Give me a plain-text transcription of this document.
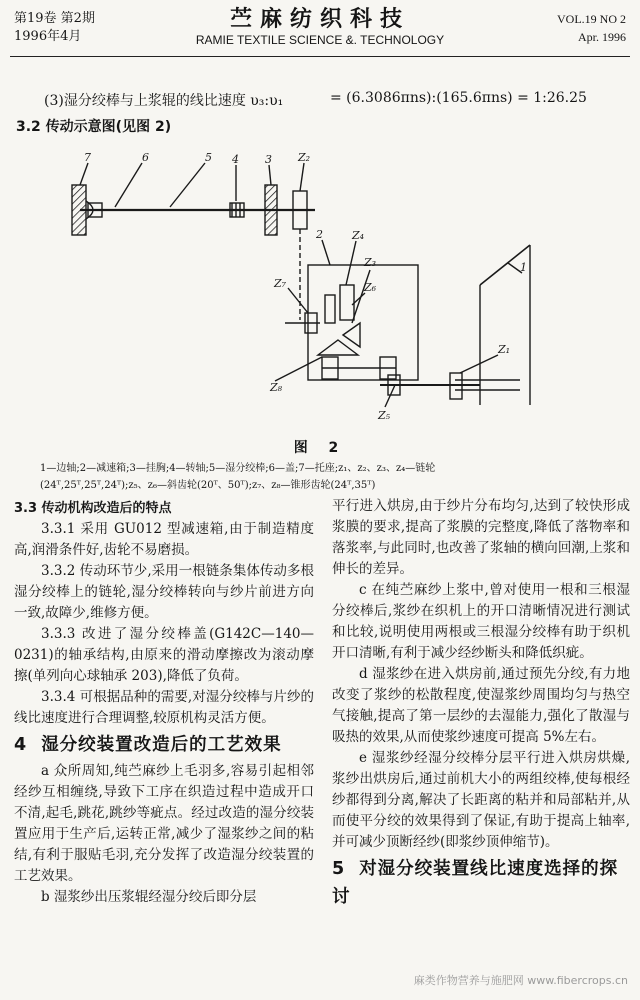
第19卷 第2期
1996年4月
苎麻纺织科技
RAMIE TEXTILE SCIENCE &. TECHNOLOGY
VOL.19 NO 2
Apr. 1996
(3)湿分绞棒与上浆辊的线比速度 υ₃:υ₁	= (6.3086πns):(165.6πns) = 1:26.25
3.2 传动示意图(见图 2)
7	6	5 4 3 Z₂
2	Z₄
Z₃
Z₆
1
Z₇
Z₁
Z₈
Z₅
图 2
1—边轴;2—减速箱;3—挂胸;4—转轴;5—湿分绞棒;6—盖;7—托座;z₁、z₂、z₃、z₄—链轮
(24ᵀ,25ᵀ,25ᵀ,24ᵀ);z₅、z₆—斜齿轮(20ᵀ、50ᵀ);z₇、z₈—锥形齿轮(24ᵀ,35ᵀ)
3.3 传动机构改造后的特点

3.3.1 采用 GU012 型减速箱,由于制造精度高,润滑条件好,齿轮不易磨损。

3.3.2 传动环节少,采用一根链条集体传动多根湿分绞棒上的链轮,湿分绞棒转向与纱片前进方向一致,故障少,维修方便。

3.3.3 改进了湿分绞棒盖(G142C—140—0231)的轴承结构,由原来的滑动摩擦改为滚动摩擦(单列向心球轴承 203),降低了负荷。

3.3.4 可根据品种的需要,对湿分绞棒与片纱的线比速度进行合理调整,较原机构灵活方便。

4 湿分绞装置改造后的工艺效果

a 众所周知,纯苎麻纱上毛羽多,容易引起相邻经纱互相缠绕,导致下工序在织造过程中造成开口不清,起毛,跳花,跳纱等疵点。经过改造的湿分绞装置应用于生产后,运转正常,减少了湿浆纱之间的粘结,有利于服贴毛羽,充分发挥了改造湿分绞装置的工艺效果。

b 湿浆纱出压浆辊经湿分绞后即分层

平行进入烘房,由于纱片分布均匀,达到了较快形成浆膜的要求,提高了浆膜的完整度,降低了落物率和落浆率,与此同时,也改善了浆轴的横向回潮,上浆和伸长的差异。

c 在纯苎麻纱上浆中,曾对使用一根和三根湿分绞棒后,浆纱在织机上的开口清晰情况进行测试和比较,说明使用两根或三根湿分绞棒有助于织机开口清晰,有利于减少经纱断头和降低织疵。

d 湿浆纱在进入烘房前,通过预先分绞,有力地改变了浆纱的松散程度,使湿浆纱周围均匀与热空气接触,提高了第一层纱的去湿能力,强化了散湿与吸热的效果,从而使浆纱速度可提高 5%左右。

e 湿浆纱经湿分绞棒分层平行进入烘房烘燥,浆纱出烘房后,通过前机大小的两组绞棒,使每根经纱都得到分离,解决了长距离的粘并和局部粘并,从而使平分绞的效果得到了保证,有助于提高上轴率,并可减少顶断经纱(即浆纱顶伸缩节)。

5 对湿分绞装置线比速度选择的探讨
麻类作物营养与施肥网 www.fibercrops.cn
